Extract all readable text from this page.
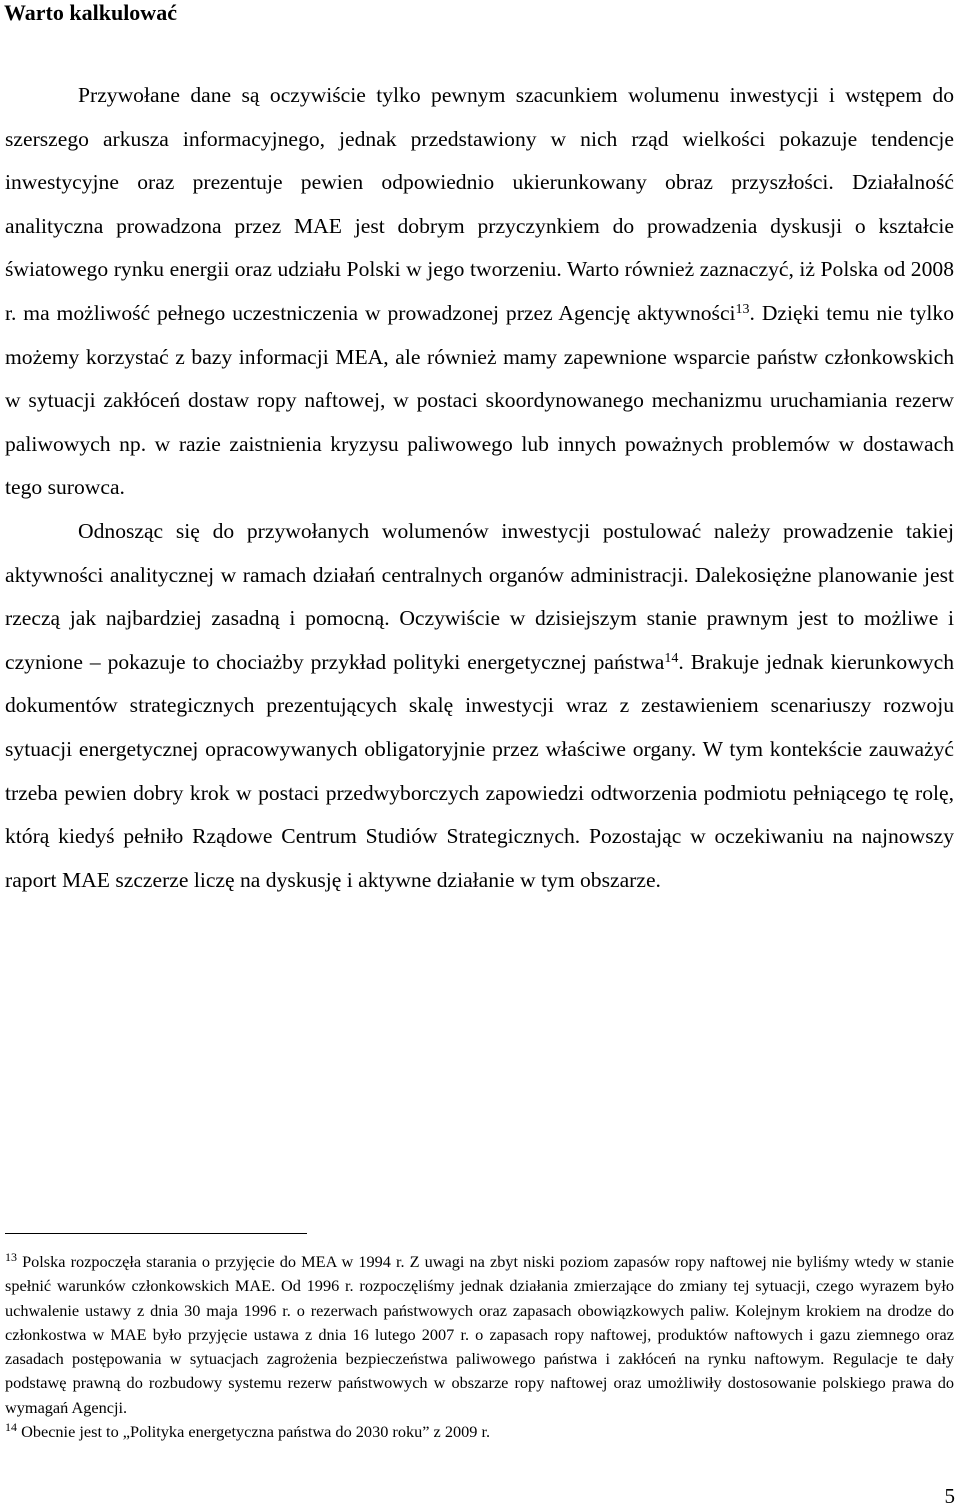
Warto kalkulować

Przywołane dane są oczywiście tylko pewnym szacunkiem wolumenu inwestycji i wstępem do szerszego arkusza informacyjnego, jednak przedstawiony w nich rząd wielkości pokazuje tendencje inwestycyjne oraz prezentuje pewien odpowiednio ukierunkowany obraz przyszłości. Działalność analityczna prowadzona przez MAE jest dobrym przyczynkiem do prowadzenia dyskusji o kształcie światowego rynku energii oraz udziału Polski w jego tworzeniu. Warto również zaznaczyć, iż Polska od 2008 r. ma możliwość pełnego uczestniczenia w prowadzonej przez Agencję aktywności$^{13}$. Dzięki temu nie tylko możemy korzystać z bazy informacji MEA, ale również mamy zapewnione wsparcie państw członkowskich w sytuacji zakłóceń dostaw ropy naftowej, w postaci skoordynowanego mechanizmu uruchamiania rezerw paliwowych np. w razie zaistnienia kryzysu paliwowego lub innych poważnych problemów w dostawach tego surowca.

Odnosząc się do przywołanych wolumenów inwestycji postulować należy prowadzenie takiej aktywności analitycznej w ramach działań centralnych organów administracji. Dalekosiężne planowanie jest rzeczą jak najbardziej zasadną i pomocną. Oczywiście w dzisiejszym stanie prawnym jest to możliwe i czynione – pokazuje to chociażby przykład polityki energetycznej państwa$^{14}$. Brakuje jednak kierunkowych dokumentów strategicznych prezentujących skalę inwestycji wraz z zestawieniem scenariuszy rozwoju sytuacji energetycznej opracowywanych obligatoryjnie przez właściwe organy. W tym kontekście zauważyć trzeba pewien dobry krok w postaci przedwyborczych zapowiedzi odtworzenia podmiotu pełniącego tę rolę, którą kiedyś pełniło Rządowe Centrum Studiów Strategicznych. Pozostając w oczekiwaniu na najnowszy raport MAE szczerze liczę na dyskusję i aktywne działanie w tym obszarze.

$^{13}$ Polska rozpoczęła starania o przyjęcie do MEA w 1994 r. Z uwagi na zbyt niski poziom zapasów ropy naftowej nie byliśmy wtedy w stanie spełnić warunków członkowskich MAE. Od 1996 r. rozpoczęliśmy jednak działania zmierzające do zmiany tej sytuacji, czego wyrazem było uchwalenie ustawy z dnia 30 maja 1996 r. o rezerwach państwowych oraz zapasach obowiązkowych paliw. Kolejnym krokiem na drodze do członkostwa w MAE było przyjęcie ustawa z dnia 16 lutego 2007 r. o zapasach ropy naftowej, produktów naftowych i gazu ziemnego oraz zasadach postępowania w sytuacjach zagrożenia bezpieczeństwa paliwowego państwa i zakłóceń na rynku naftowym. Regulacje te dały podstawę prawną do rozbudowy systemu rezerw państwowych w obszarze ropy naftowej oraz umożliwiły dostosowanie polskiego prawa do wymagań Agencji.

$^{14}$ Obecnie jest to „Polityka energetyczna państwa do 2030 roku” z 2009 r.

5
